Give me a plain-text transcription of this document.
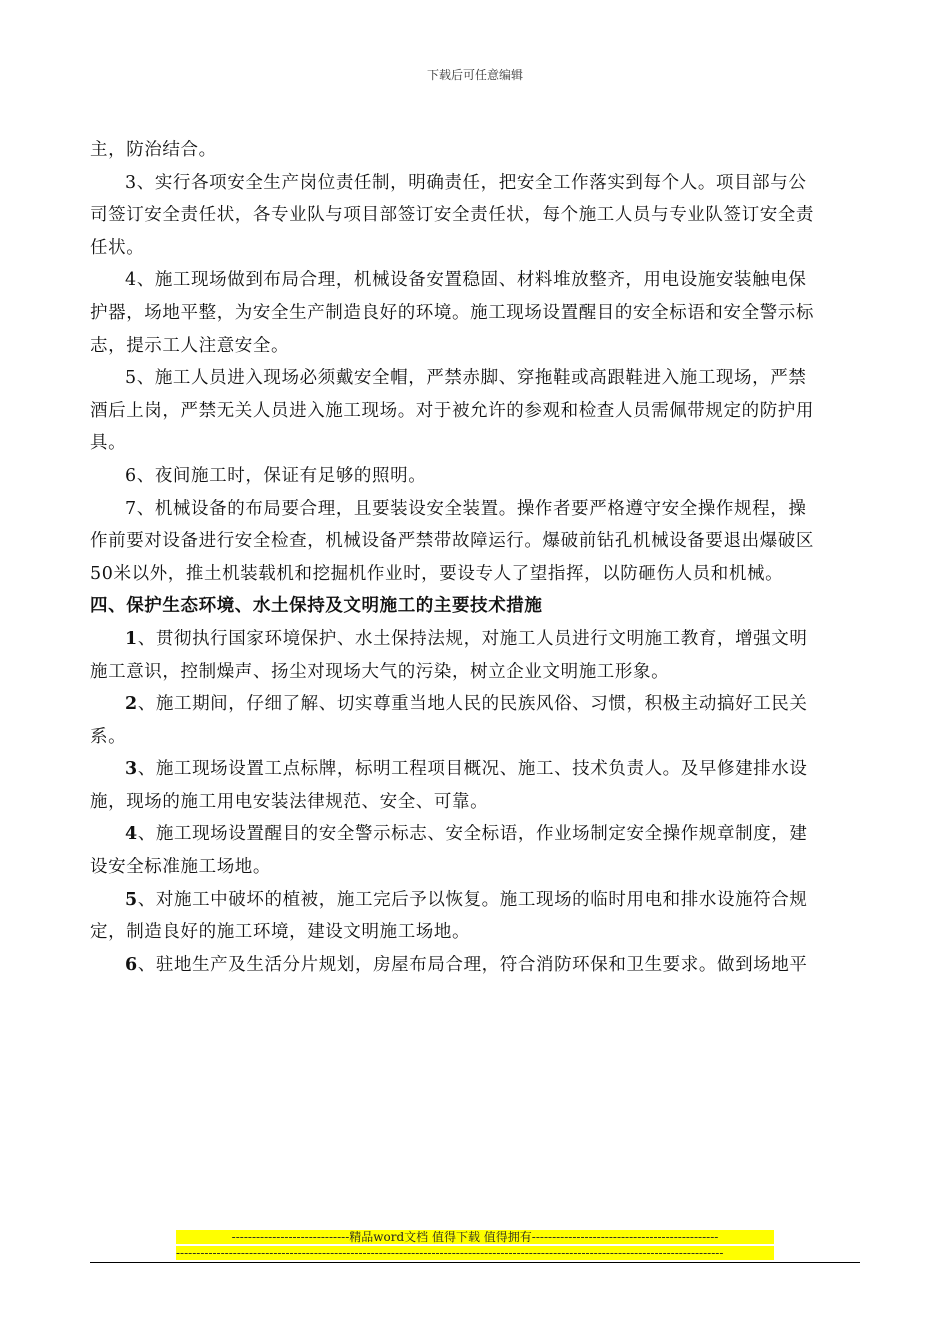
下载后可任意编辑
主，防治结合。
3、实行各项安全生产岗位责任制，明确责任，把安全工作落实到每个人。项目部与公
司签订安全责任状，各专业队与项目部签订安全责任状，每个施工人员与专业队签订安全责
任状。
4、施工现场做到布局合理，机械设备安置稳固、材料堆放整齐，用电设施安装触电保
护器，场地平整，为安全生产制造良好的环境。施工现场设置醒目的安全标语和安全警示标
志，提示工人注意安全。
5、施工人员进入现场必须戴安全帽，严禁赤脚、穿拖鞋或高跟鞋进入施工现场，严禁
酒后上岗，严禁无关人员进入施工现场。对于被允许的参观和检查人员需佩带规定的防护用
具。
6、夜间施工时，保证有足够的照明。
7、机械设备的布局要合理，且要装设安全装置。操作者要严格遵守安全操作规程，操
作前要对设备进行安全检查，机械设备严禁带故障运行。爆破前钻孔机械设备要退出爆破区
50米以外，推土机装载机和挖掘机作业时，要设专人了望指挥，以防砸伤人员和机械。
四、保护生态环境、水土保持及文明施工的主要技术措施
1、贯彻执行国家环境保护、水土保持法规，对施工人员进行文明施工教育，增强文明
施工意识，控制燥声、扬尘对现场大气的污染，树立企业文明施工形象。
2、施工期间，仔细了解、切实尊重当地人民的民族风俗、习惯，积极主动搞好工民关
系。
3、施工现场设置工点标牌，标明工程项目概况、施工、技术负责人。及早修建排水设
施，现场的施工用电安装法律规范、安全、可靠。
4、施工现场设置醒目的安全警示标志、安全标语，作业场制定安全操作规章制度，建
设安全标准施工场地。
5、对施工中破坏的植被，施工完后予以恢复。施工现场的临时用电和排水设施符合规
定，制造良好的施工环境，建设文明施工场地。
6、驻地生产及生活分片规划，房屋布局合理，符合消防环保和卫生要求。做到场地平
-----------------------------精品word文档 值得下载 值得拥有----------------------------------------------
---------------------------------------------------------------------------------------------------------------------------------------
